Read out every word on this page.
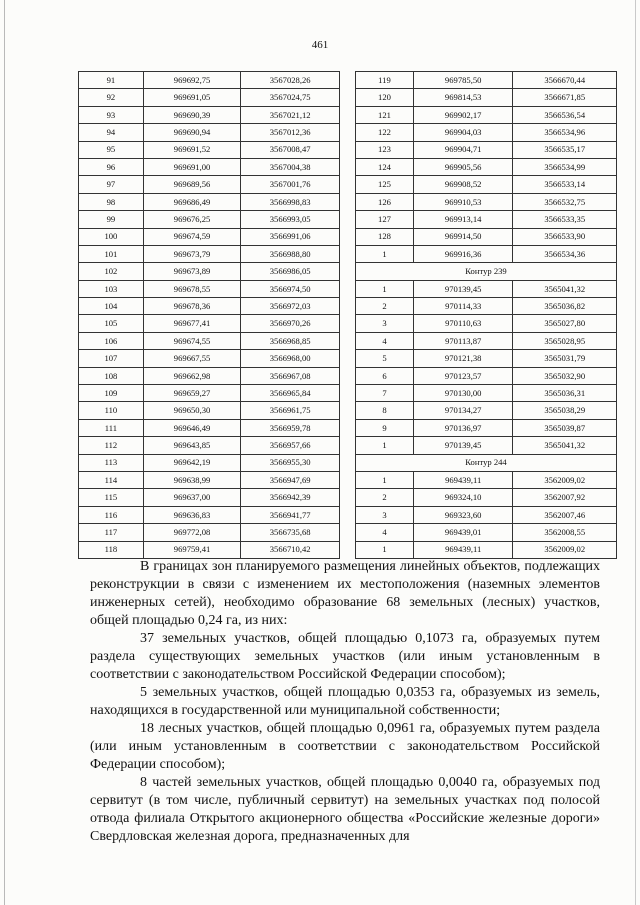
461
91	969692,75	3567028,26
92	969691,05	3567024,75
93	969690,39	3567021,12
94	969690,94	3567012,36
95	969691,52	3567008,47
96	969691,00	3567004,38
97	969689,56	3567001,76
98	969686,49	3566998,83
99	969676,25	3566993,05
100	969674,59	3566991,06
101	969673,79	3566988,80
102	969673,89	3566986,05
103	969678,55	3566974,50
104	969678,36	3566972,03
105	969677,41	3566970,26
106	969674,55	3566968,85
107	969667,55	3566968,00
108	969662,98	3566967,08
109	969659,27	3566965,84
110	969650,30	3566961,75
111	969646,49	3566959,78
112	969643,85	3566957,66
113	969642,19	3566955,30
114	969638,99	3566947,69
115	969637,00	3566942,39
116	969636,83	3566941,77
117	969772,08	3566735,68
118	969759,41	3566710,42
119	969785,50	3566670,44
120	969814,53	3566671,85
121	969902,17	3566536,54
122	969904,03	3566534,96
123	969904,71	3566535,17
124	969905,56	3566534,99
125	969908,52	3566533,14
126	969910,53	3566532,75
127	969913,14	3566533,35
128	969914,50	3566533,90
1	969916,36	3566534,36
Контур 239		
1	970139,45	3565041,32
2	970114,33	3565036,82
3	970110,63	3565027,80
4	970113,87	3565028,95
5	970121,38	3565031,79
6	970123,57	3565032,90
7	970130,00	3565036,31
8	970134,27	3565038,29
9	970136,97	3565039,87
1	970139,45	3565041,32
Контур 244		
1	969439,11	3562009,02
2	969324,10	3562007,92
3	969323,60	3562007,46
4	969439,01	3562008,55
1	969439,11	3562009,02

В границах зон планируемого размещения линейных объектов, подлежащих реконструкции в связи с изменением их местоположения (наземных элементов инженерных сетей), необходимо образование 68 земельных (лесных) участков, общей площадью 0,24 га, из них:

37 земельных участков, общей площадью 0,1073 га, образуемых путем раздела существующих земельных участков (или иным установленным в соответствии с законодательством Российской Федерации способом);

5 земельных участков, общей площадью 0,0353 га, образуемых из земель, находящихся в государственной или муниципальной собственности;

18 лесных участков, общей площадью 0,0961 га, образуемых путем раздела (или иным установленным в соответствии с законодательством Российской Федерации способом);

8 частей земельных участков, общей площадью 0,0040 га, образуемых под сервитут (в том числе, публичный сервитут) на земельных участках под полосой отвода филиала Открытого акционерного общества «Российские железные дороги» Свердловская железная дорога, предназначенных для
